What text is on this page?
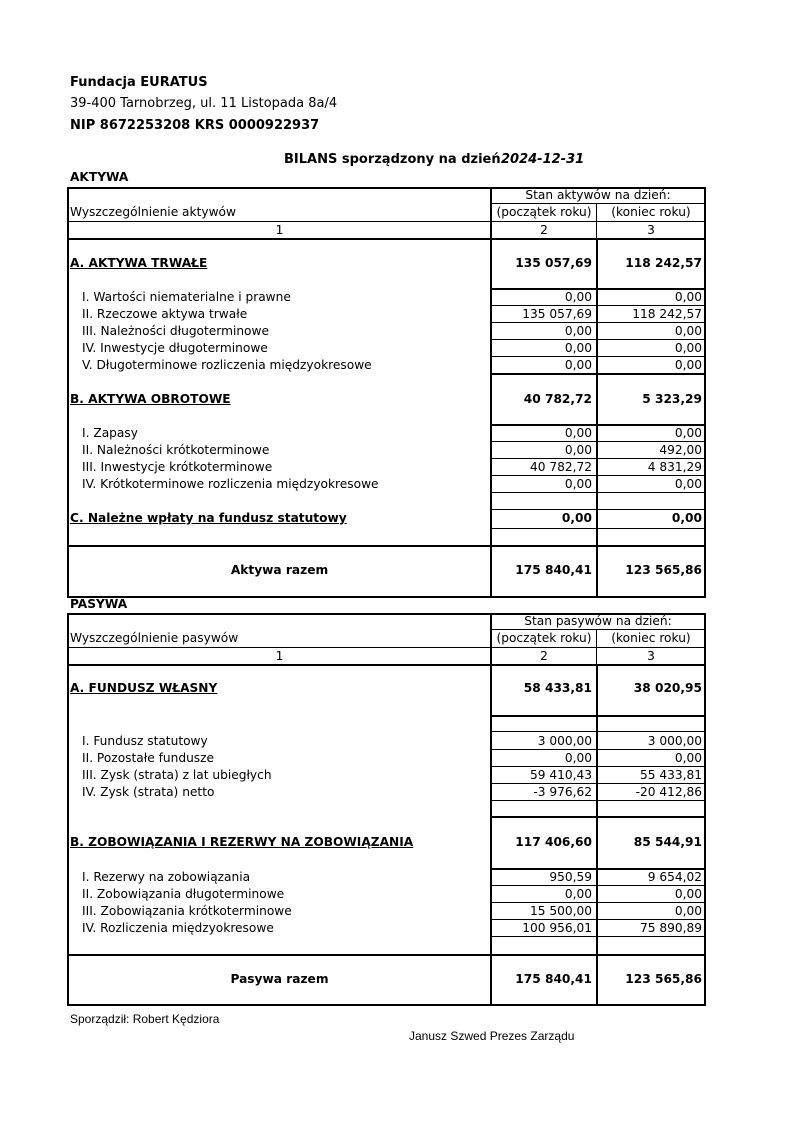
Fundacja EURATUS
39-400 Tarnobrzeg, ul. 11 Listopada 8a/4
NIP 8672253208 KRS 0000922937
BILANS sporządzony na dzień 2024-12-31
AKTYWA
Stan aktywów na dzień:
Wyszczególnienie aktywów	(początek roku)	(koniec roku)
1	2	3
A. AKTYWA TRWAŁE	135 057,69	118 242,57
I. Wartości niematerialne i prawne	0,00	0,00
II. Rzeczowe aktywa trwałe	135 057,69	118 242,57
III. Należności długoterminowe	0,00	0,00
IV. Inwestycje długoterminowe	0,00	0,00
V. Długoterminowe rozliczenia międzyokresowe	0,00	0,00
B. AKTYWA OBROTOWE	40 782,72	5 323,29
I. Zapasy	0,00	0,00
II. Należności krótkoterminowe	0,00	492,00
III. Inwestycje krótkoterminowe	40 782,72	4 831,29
IV. Krótkoterminowe rozliczenia międzyokresowe	0,00	0,00
C. Należne wpłaty na fundusz statutowy	0,00	0,00
Aktywa razem	175 840,41	123 565,86
PASYWA
Stan pasywów na dzień:
Wyszczególnienie pasywów	(początek roku)	(koniec roku)
1	2	3
A. FUNDUSZ WŁASNY	58 433,81	38 020,95
I. Fundusz statutowy	3 000,00	3 000,00
II. Pozostałe fundusze	0,00	0,00
III. Zysk (strata) z lat ubiegłych	59 410,43	55 433,81
IV. Zysk (strata) netto	-3 976,62	-20 412,86
B. ZOBOWIĄZANIA I REZERWY NA ZOBOWIĄZANIA	117 406,60	85 544,91
I. Rezerwy na zobowiązania	950,59	9 654,02
II. Zobowiązania długoterminowe	0,00	0,00
III. Zobowiązania krótkoterminowe	15 500,00	0,00
IV. Rozliczenia międzyokresowe	100 956,01	75 890,89
Pasywa razem	175 840,41	123 565,86
Sporządził: Robert Kędziora
Janusz Szwed Prezes Zarządu
